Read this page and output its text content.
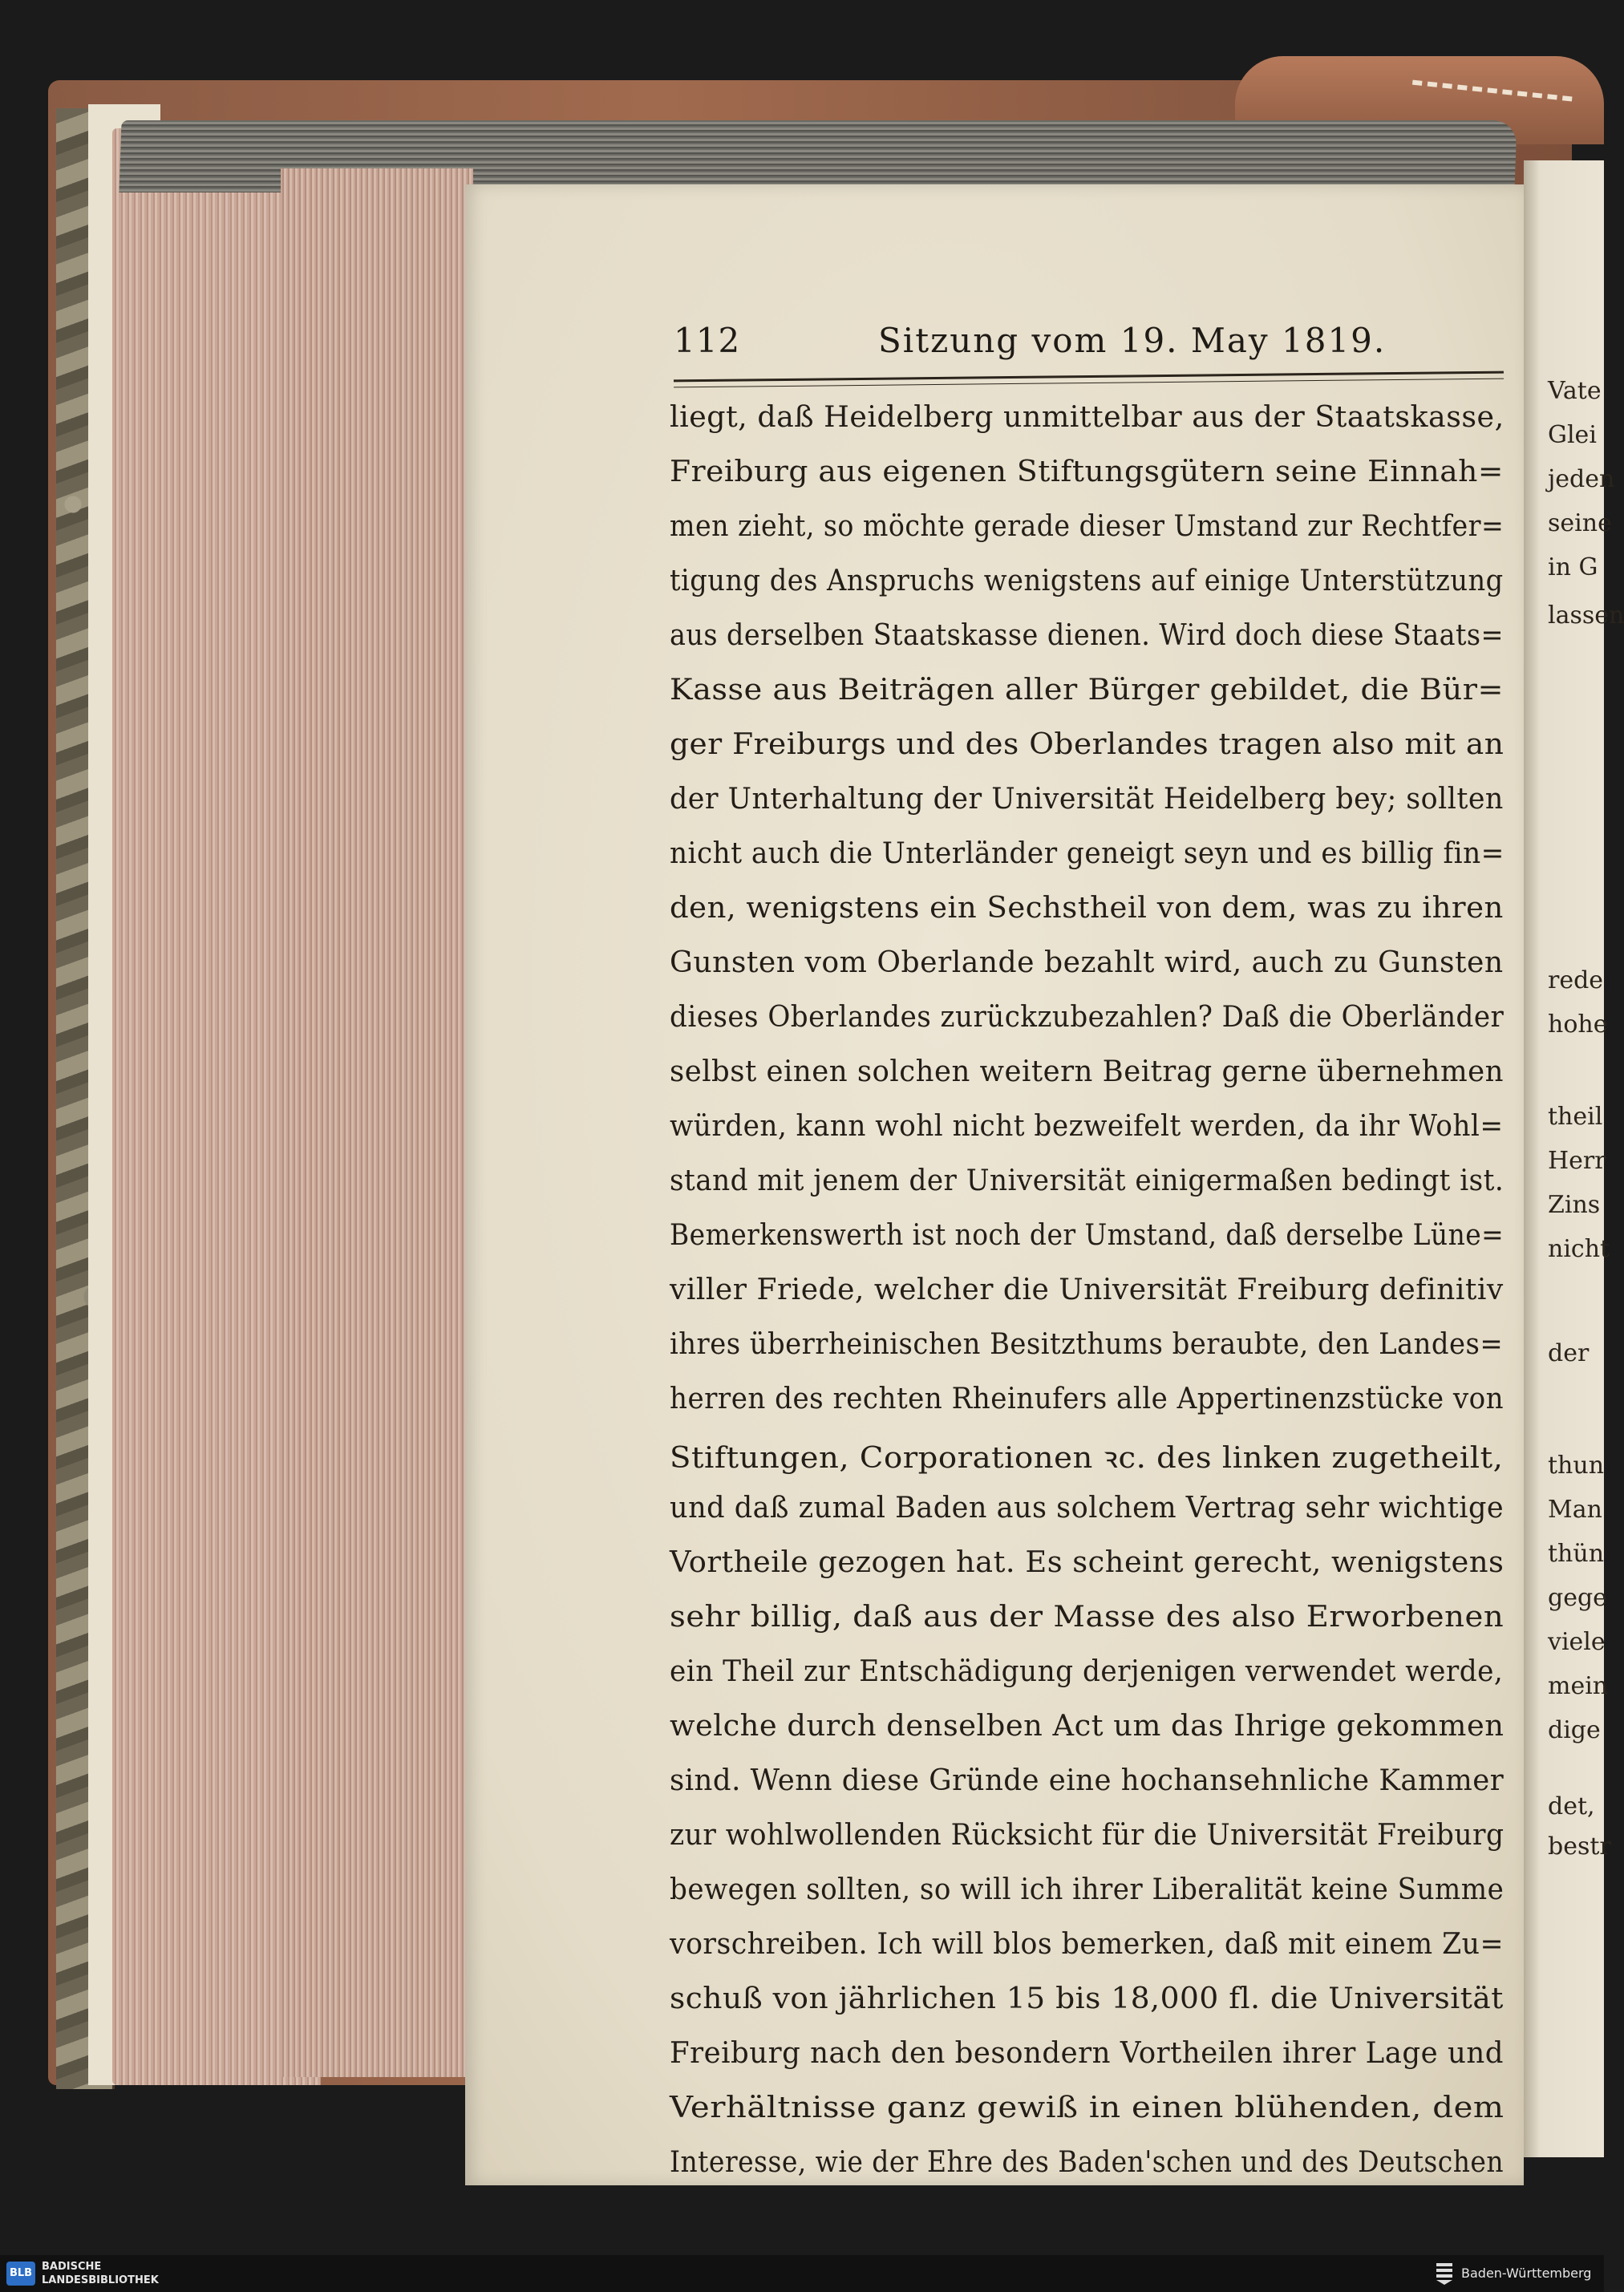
112	Sitzung vom 19. May 1819.
liegt, daß Heidelberg unmittelbar aus der Staatskasse,
Freiburg aus eigenen Stiftungsgütern seine Einnah=
men zieht, so möchte gerade dieser Umstand zur Rechtfer=
tigung des Anspruchs wenigstens auf einige Unterstützung
aus derselben Staatskasse dienen. Wird doch diese Staats=
Kasse aus Beiträgen aller Bürger gebildet, die Bür=
ger Freiburgs und des Oberlandes tragen also mit an
der Unterhaltung der Universität Heidelberg bey; sollten
nicht auch die Unterländer geneigt seyn und es billig fin=
den, wenigstens ein Sechstheil von dem, was zu ihren
Gunsten vom Oberlande bezahlt wird, auch zu Gunsten
dieses Oberlandes zurückzubezahlen? Daß die Oberländer
selbst einen solchen weitern Beitrag gerne übernehmen
würden, kann wohl nicht bezweifelt werden, da ihr Wohl=
stand mit jenem der Universität einigermaßen bedingt ist.
Bemerkenswerth ist noch der Umstand, daß derselbe Lüne=
viller Friede, welcher die Universität Freiburg definitiv
ihres überrheinischen Besitzthums beraubte, den Landes=
herren des rechten Rheinufers alle Appertinenzstücke von
Stiftungen, Corporationen ꝛc. des linken zugetheilt,
und daß zumal Baden aus solchem Vertrag sehr wichtige
Vortheile gezogen hat. Es scheint gerecht, wenigstens
sehr billig, daß aus der Masse des also Erworbenen
ein Theil zur Entschädigung derjenigen verwendet werde,
welche durch denselben Act um das Ihrige gekommen
sind. Wenn diese Gründe eine hochansehnliche Kammer
zur wohlwollenden Rücksicht für die Universität Freiburg
bewegen sollten, so will ich ihrer Liberalität keine Summe
vorschreiben. Ich will blos bemerken, daß mit einem Zu=
schuß von jährlichen 15 bis 18,000 fl. die Universität
Freiburg nach den besondern Vortheilen ihrer Lage und
Verhältnisse ganz gewiß in einen blühenden, dem
Interesse, wie der Ehre des Baden'schen und des Deutschen
Vate
Glei
jeden
seine
in G
lassen
rede
hohe
theil
Herr
Zins
nicht
der
thun
Man
thün
gege
viele
mein
dige
det,
bestr
BLB
BADISCHE
LANDESBIBLIOTHEK	Baden-Württemberg
